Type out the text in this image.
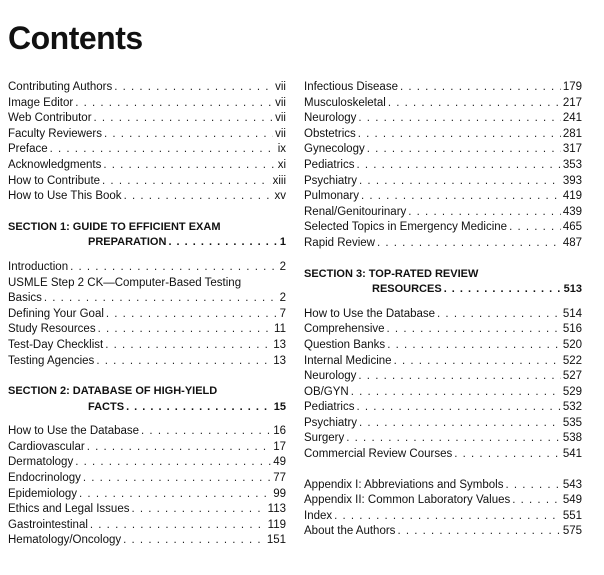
Contents
Contributing Authors . . .	vii
Image Editor . . .	vii
Web Contributor . . .	vii
Faculty Reviewers . . .	vii
Preface . . .	ix
Acknowledgments . . .	xi
How to Contribute . . .	xiii
How to Use This Book . . .	xv
SECTION 1: GUIDE TO EFFICIENT EXAM
PREPARATION . . .	1
Introduction . . .	2
USMLE Step 2 CK—Computer-Based Testing
Basics . . .	2
Defining Your Goal . . .	7
Study Resources . . .	11
Test-Day Checklist . . .	13
Testing Agencies . . .	13
SECTION 2: DATABASE OF HIGH-YIELD
FACTS . . .	15
How to Use the Database . . .	16
Cardiovascular . . .	17
Dermatology . . .	49
Endocrinology . . .	77
Epidemiology . . .	99
Ethics and Legal Issues . . .	113
Gastrointestinal . . .	119
Hematology/Oncology . . .	151
Infectious Disease . . .	179
Musculoskeletal . . .	217
Neurology . . .	241
Obstetrics . . .	281
Gynecology . . .	317
Pediatrics . . .	353
Psychiatry . . .	393
Pulmonary . . .	419
Renal/Genitourinary . . .	439
Selected Topics in Emergency Medicine . . .	465
Rapid Review . . .	487
SECTION 3: TOP-RATED REVIEW
RESOURCES . . .	513
How to Use the Database . . .	514
Comprehensive . . .	516
Question Banks . . .	520
Internal Medicine . . .	522
Neurology . . .	527
OB/GYN . . .	529
Pediatrics . . .	532
Psychiatry . . .	535
Surgery . . .	538
Commercial Review Courses . . .	541
Appendix I: Abbreviations and Symbols . . .	543
Appendix II: Common Laboratory Values . . .	549
Index . . .	551
About the Authors . . .	575
